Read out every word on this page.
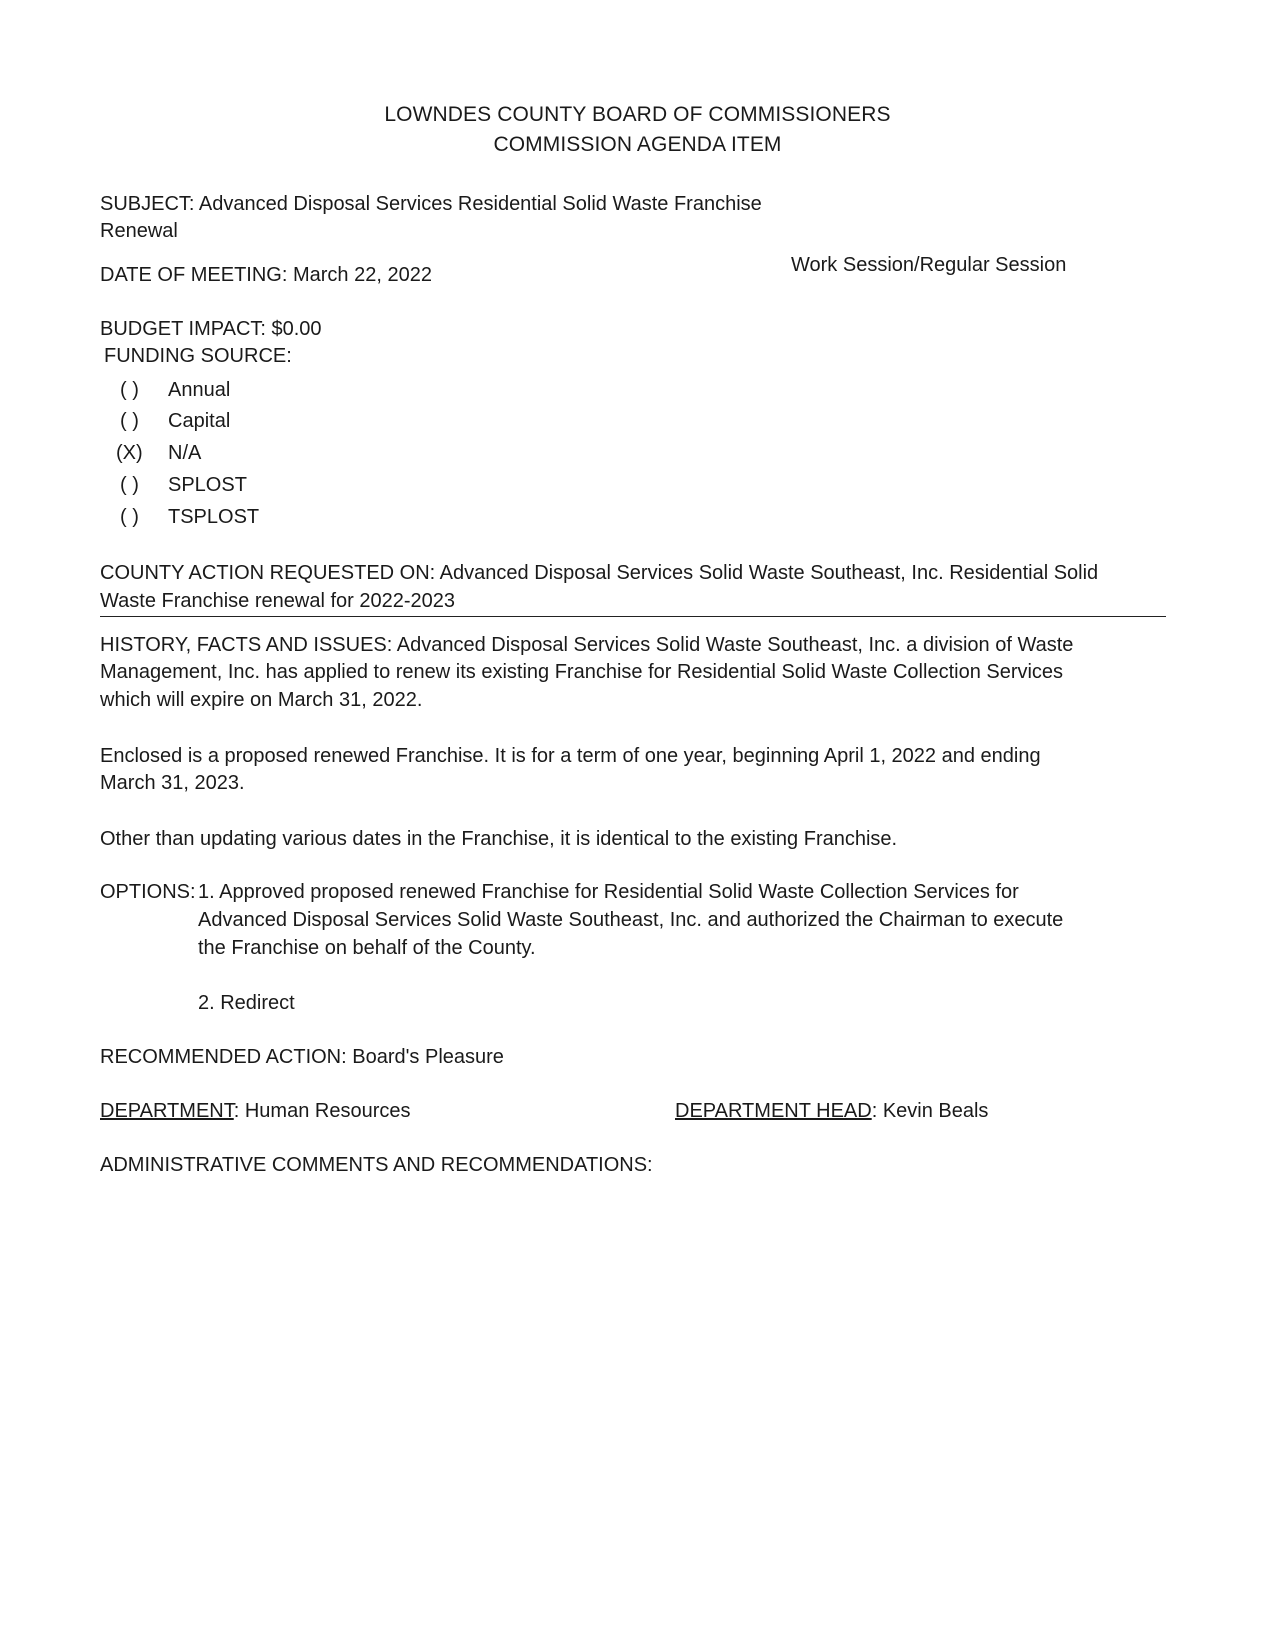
LOWNDES COUNTY BOARD OF COMMISSIONERS
COMMISSION AGENDA ITEM
SUBJECT: Advanced Disposal Services Residential Solid Waste Franchise
Renewal
DATE OF MEETING: March 22, 2022	Work Session/Regular Session
BUDGET IMPACT: $0.00
FUNDING SOURCE:
( )	Annual
( )	Capital
(X)	N/A
( )	SPLOST
( )	TSPLOST
COUNTY ACTION REQUESTED ON: Advanced Disposal Services Solid Waste Southeast, Inc. Residential Solid
Waste Franchise renewal for 2022-2023
HISTORY, FACTS AND ISSUES: Advanced Disposal Services Solid Waste Southeast, Inc. a division of Waste
Management, Inc. has applied to renew its existing Franchise for Residential Solid Waste Collection Services
which will expire on March 31, 2022.
Enclosed is a proposed renewed Franchise. It is for a term of one year, beginning April 1, 2022 and ending
March 31, 2023.
Other than updating various dates in the Franchise, it is identical to the existing Franchise.
OPTIONS: 1. Approved proposed renewed Franchise for Residential Solid Waste Collection Services for
Advanced Disposal Services Solid Waste Southeast, Inc. and authorized the Chairman to execute
the Franchise on behalf of the County.
2. Redirect
RECOMMENDED ACTION: Board's Pleasure
DEPARTMENT: Human Resources	DEPARTMENT HEAD: Kevin Beals
ADMINISTRATIVE COMMENTS AND RECOMMENDATIONS:
